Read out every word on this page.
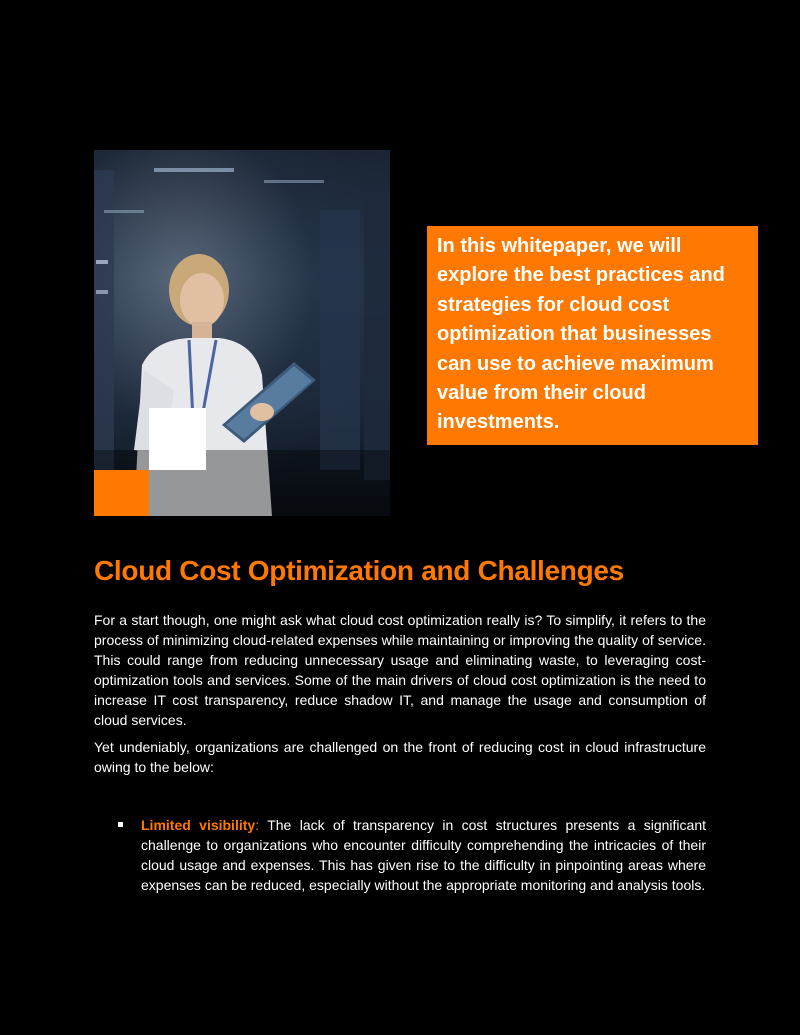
In this whitepaper, we will explore the best practices and strategies for cloud cost optimization that businesses can use to achieve maximum value from their cloud investments.
Cloud Cost Optimization and Challenges

For a start though, one might ask what cloud cost optimization really is? To simplify, it refers to the process of minimizing cloud-related expenses while maintaining or improving the quality of service. This could range from reducing unnecessary usage and eliminating waste, to leveraging cost-optimization tools and services. Some of the main drivers of cloud cost optimization is the need to increase IT cost transparency, reduce shadow IT, and manage the usage and consumption of cloud services.

Yet undeniably, organizations are challenged on the front of reducing cost in cloud infrastructure owing to the below:

Limited visibility: The lack of transparency in cost structures presents a significant challenge to organizations who encounter difficulty comprehending the intricacies of their cloud usage and expenses. This has given rise to the difficulty in pinpointing areas where expenses can be reduced, especially without the appropriate monitoring and analysis tools.
